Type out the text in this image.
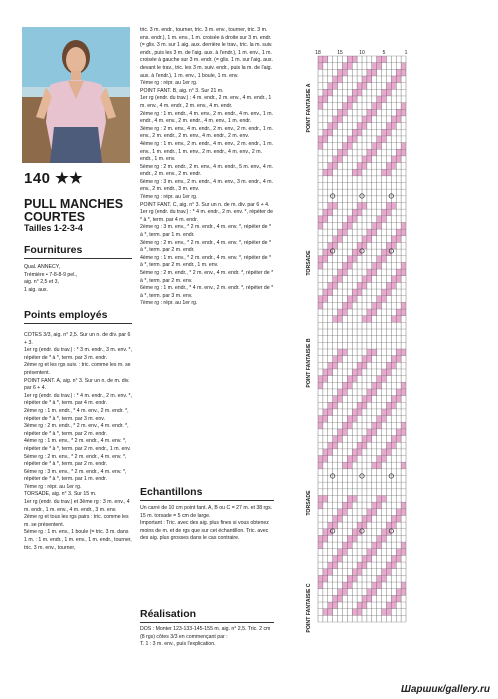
140 ★★
PULL MANCHES COURTES
Tailles 1-2-3-4
Fournitures
Qual. ANNECY,
Trémière • 7-8-8-9 pel.,
aig. n° 2,5 et 3,
1 aig. aux.
Points employés
COTES 3/3, aig. n° 2,5. Sur un n. de div. par 6 + 3.
1er rg (endr. du trav.) : * 3 m. endr., 3 m. env. *, répéter de * à *, term. par 3 m. endr.
2ème rg et les rgs suiv. : tric. comme les m. se présentent.
POINT FANT. A, aig. n° 3. Sur un n. de m. div. par 6 + 4.
1er rg (endr. du trav.) : * 4 m. endr., 2 m. env. *, répéter de * à *, term. par 4 m. endr.
2ème rg : 1 m. endr., * 4 m. env., 2 m. endr. *, répéter de * à *, term. par 3 m. env.
3ème rg : 2 m. endr., * 2 m. env., 4 m. endr. *, répéter de * à *, term. par 2 m. endr.
4ème rg : 1 m. env., * 2 m. endr., 4 m. env. *, répéter de * à *, term. par 2 m. endr., 1 m. env.
5ème rg : 2 m. env., * 2 m. endr., 4 m. env. *, répéter de * à *, term. par 2 m. endr.
6ème rg : 3 m. env., * 2 m. endr., 4 m. env. *, répéter de * à *, term. par 1 m. endr.
7ème rg : répr. au 1er rg.
TORSADE, aig. n° 3. Sur 15 m.
1er rg (endr. du trav.) et 3ème rg : 3 m. env., 4 m. endr., 1 m. env., 4 m. endr., 3 m. env.
2ème rg et tous les rgs pairs : tric. comme les m. se présentent.
5ème rg : 1 m. env., 1 boule (= tric. 3 m. dans 1 m. : 1 m. endr., 1 m. env., 1 m. endr., tourner, tric. 3 m. env., tourner,
tric. 3 m. endr., tourner, tric. 3 m. env., tourner, tric. 3 m. ens. endr.), 1 m. env., 1 m. croisée à droite sur 3 m. endr. (= glis. 3 m. sur 1 aig. aux. derrière le trav., tric. la m. suiv. endr., puis les 3 m. de l'aig. aux. à l'endr.), 1 m. env., 1 m. croisée à gauche sur 3 m. endr. (= glis. 1 m. sur l'aig. aux. devant le trav., tric. les 3 m. suiv. endr., puis la m. de l'aig. aux. à l'endr.), 1 m. env., 1 boule, 1 m. env.
7ème rg : répr. au 1er rg.
POINT FANT. B, aig. n° 3. Sur 21 m.
1er rg (endr. du trav.) : 4 m. endr., 2 m. env., 4 m. endr., 1 m. env., 4 m. endr., 2 m. env., 4 m. endr.
2ème rg : 1 m. endr., 4 m. env., 2 m. endr., 4 m. env., 1 m. endr., 4 m. env., 2 m. endr., 4 m. env., 1 m. endr.
3ème rg : 2 m. env., 4 m. endr., 2 m. env., 2 m. endr., 1 m. env., 2 m. endr., 2 m. env., 4 m. endr., 2 m. env.
4ème rg : 1 m. env., 2 m. endr., 4 m. env., 2 m. endr., 1 m. env., 1 m. endr., 1 m. env., 2 m. endr., 4 m. env., 2 m. endr., 1 m. env.
5ème rg : 2 m. endr., 2 m. env., 4 m. endr., 5 m. env., 4 m. endr., 2 m. env., 2 m. endr.
6ème rg : 3 m. env., 2 m. endr., 4 m. env., 3 m. endr., 4 m. env., 2 m. endr., 3 m. env.
7ème rg : répr. au 1er rg.
POINT FANT. C, aig. n° 3. Sur un n. de m. div. par 6 + 4.
1er rg (endr. du trav.) : * 4 m. endr., 2 m. env. *, répéter de * à *, term. par 4 m. endr.
2ème rg : 3 m. env., * 2 m. endr., 4 m. env. *, répéter de * à *, term. par 1 m. endr.
3ème rg : 2 m. env., * 2 m. endr., 4 m. env. *, répéter de * à *, term. par 2 m. endr.
4ème rg : 1 m. env., * 2 m. endr., 4 m. env. *, répéter de * à *, term. par 2 m. endr., 1 m. env.
5ème rg : 2 m. endr., * 2 m. env., 4 m. endr. *, répéter de * à *, term. par 2 m. env.
6ème rg : 1 m. endr., * 4 m. env., 2 m. endr. *, répéter de * à *, term. par 3 m. env.
7ème rg : répr. au 1er rg.
Echantillons
Un carré de 10 cm point fant. A, B ou C = 27 m. et 38 rgs.
15 m. torsade = 5 cm de large.
Important : Tric. avec des aig. plus fines si vous obtenez moins de m. et de rgs que sur cet échantillon. Tric. avec des aig. plus grosses dans le cas contraire.
Réalisation
DOS : Monter 123-133-145-155 m. aig. n° 2,5. Tric. 2 cm (8 rgs) côtes 3/3 en commençant par :
T. 1 : 3 m. env., puis l'explication.
18	15	10	5	1
POINT FANTAISIE A
TORSADE
POINT FANTAISIE B
TORSADE
POINT FANTAISIE C
Шаршик/gallery.ru
